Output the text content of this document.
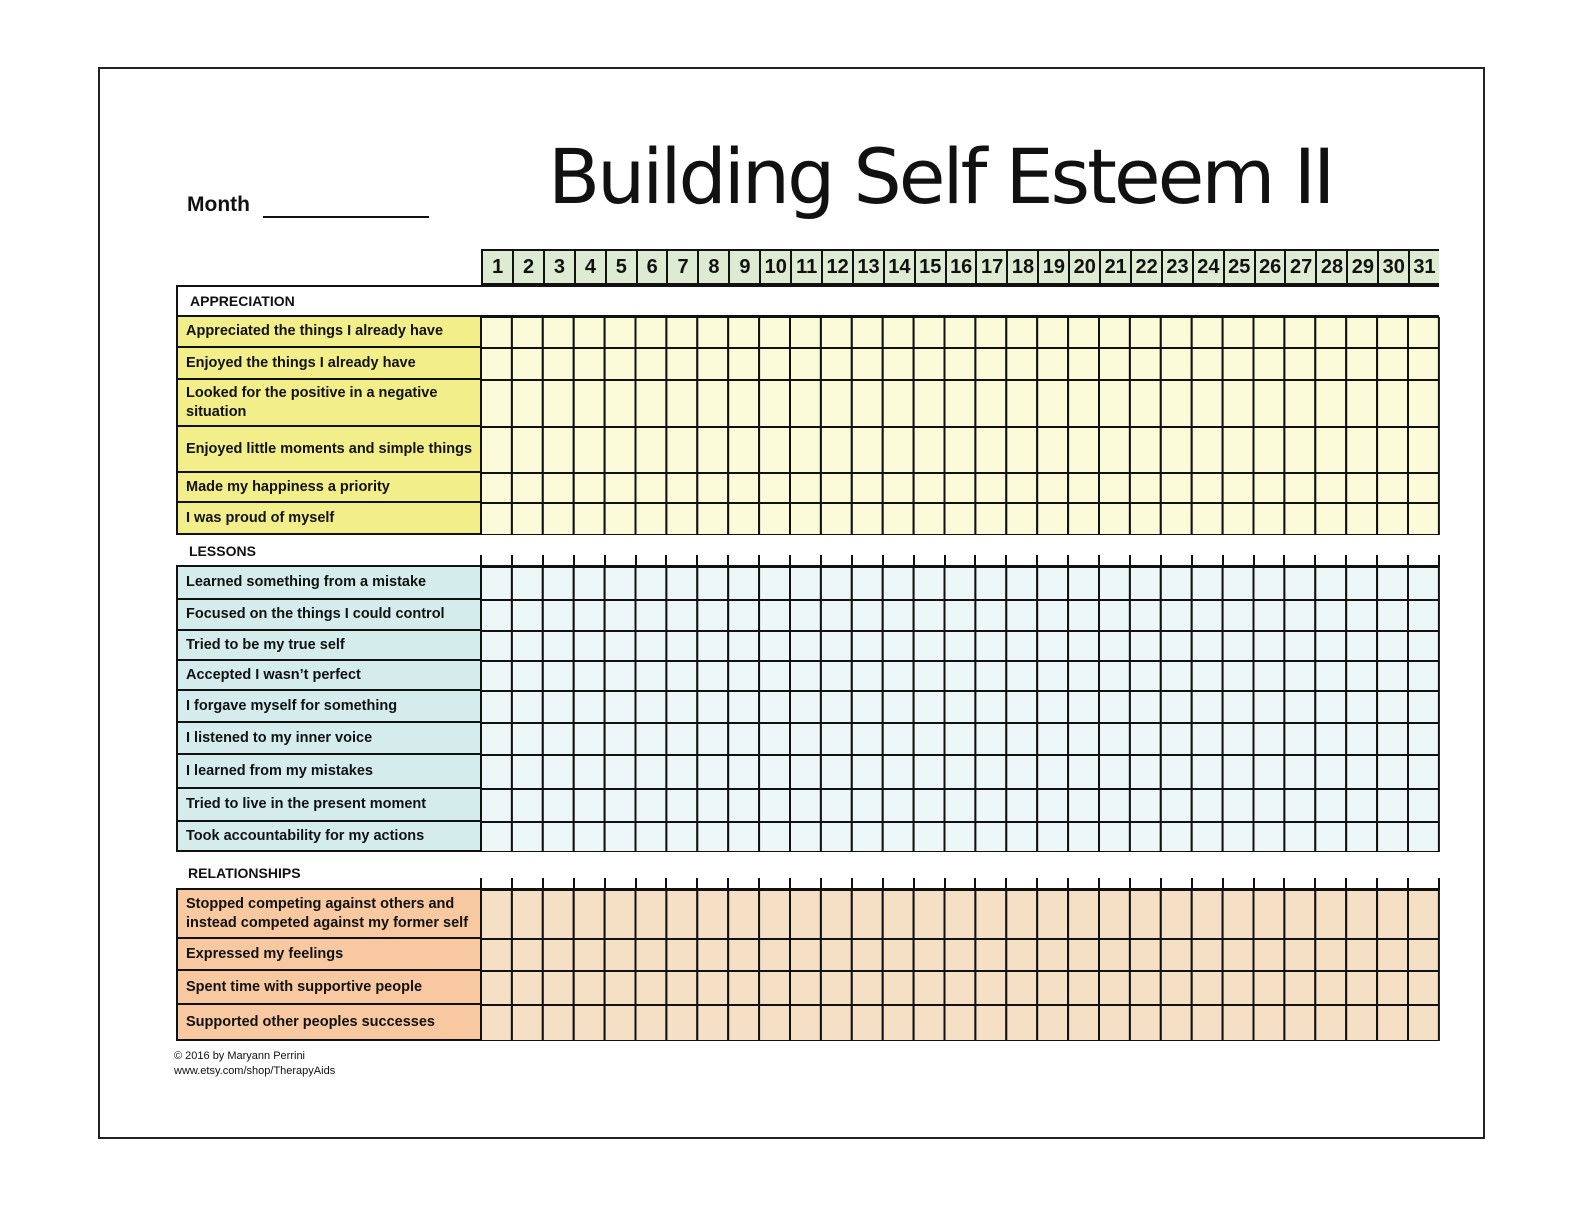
Building Self Esteem II
Month
1 2 3 4 5 6 7 8 9 10 11 12 13 14 15 16 17 18 19 20 21 22 23 24 25 26 27 28 29 30 31
APPRECIATION
Appreciated the things I already have
Enjoyed the things I already have
Looked for the positive in a negative situation
Enjoyed little moments and simple things
Made my happiness a priority
I was proud of myself
LESSONS
Learned something from a mistake
Focused on the things I could control
Tried to be my true self
Accepted I wasn’t perfect
I forgave myself for something
I listened to my inner voice
I learned from my mistakes
Tried to live in the present moment
Took accountability for my actions
RELATIONSHIPS
Stopped competing against others and instead competed against my former self
Expressed my feelings
Spent time with supportive people
Supported other peoples successes
© 2016 by Maryann Perrini
www.etsy.com/shop/TherapyAids
